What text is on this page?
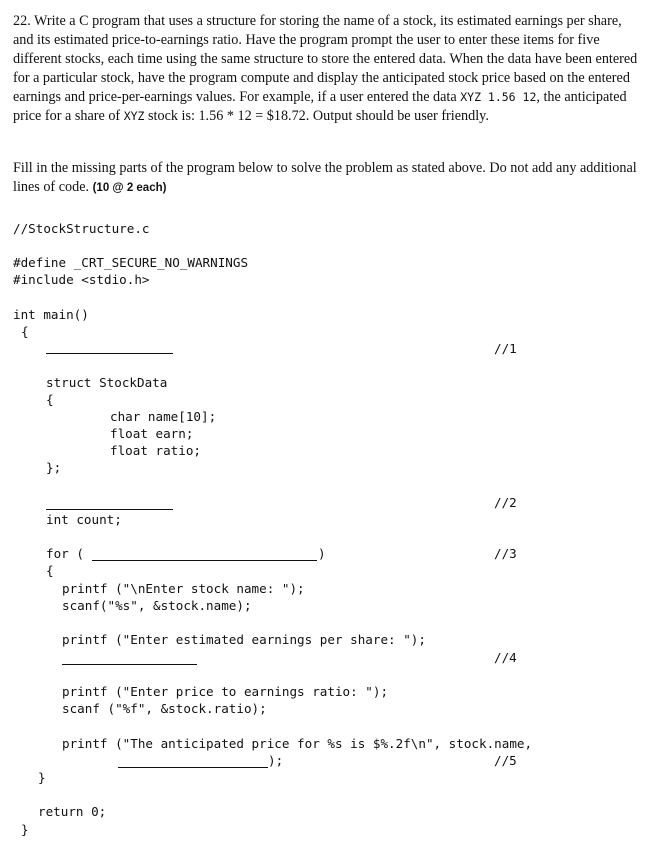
22. Write a C program that uses a structure for storing the name of a stock, its estimated earnings per share, and its estimated price-to-earnings ratio. Have the program prompt the user to enter these items for five different stocks, each time using the same structure to store the entered data. When the data have been entered for a particular stock, have the program compute and display the anticipated stock price based on the entered earnings and price-per-earnings values. For example, if a user entered the data XYZ 1.56 12, the anticipated price for a share of XYZ stock is: 1.56 * 12 = $18.72. Output should be user friendly.
Fill in the missing parts of the program below to solve the problem as stated above. Do not add any additional lines of code. (10 @ 2 each)
//StockStructure.c
#define _CRT_SECURE_NO_WARNINGS
#include <stdio.h>
int main()
{
//1
struct StockData
{
char name[10];
float earn;
float ratio;
};
//2
int count;
for (	)	//3
{
printf ("\nEnter stock name: ");
scanf("%s", &stock.name);
printf ("Enter estimated earnings per share: ");
//4
printf ("Enter price to earnings ratio: ");
scanf ("%f", &stock.ratio);
printf ("The anticipated price for %s is $%.2f\n", stock.name,
);	//5
}
return 0;
}
